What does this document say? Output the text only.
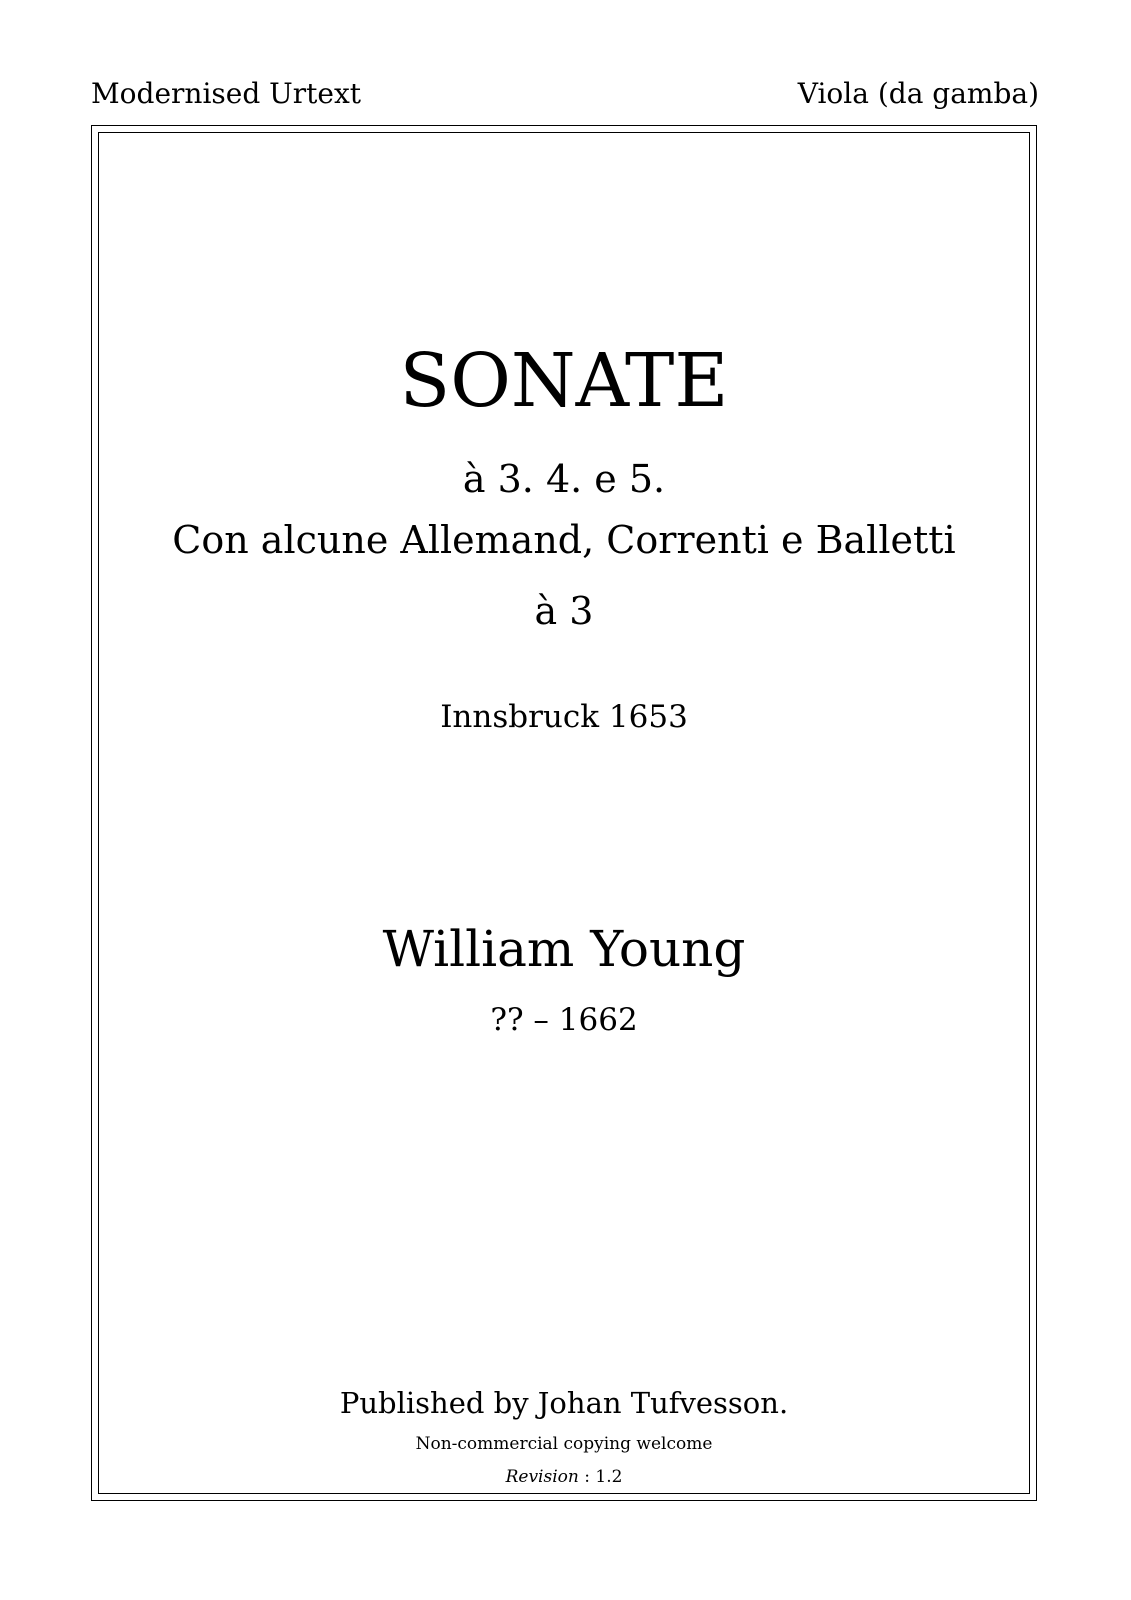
Modernised Urtext	Viola (da gamba)
SONATE
à 3. 4. e 5.
Con alcune Allemand, Correnti e Balletti
à 3
Innsbruck 1653
William Young
?? – 1662
Published by Johan Tufvesson.
Non-commercial copying welcome
Revision : 1.2
